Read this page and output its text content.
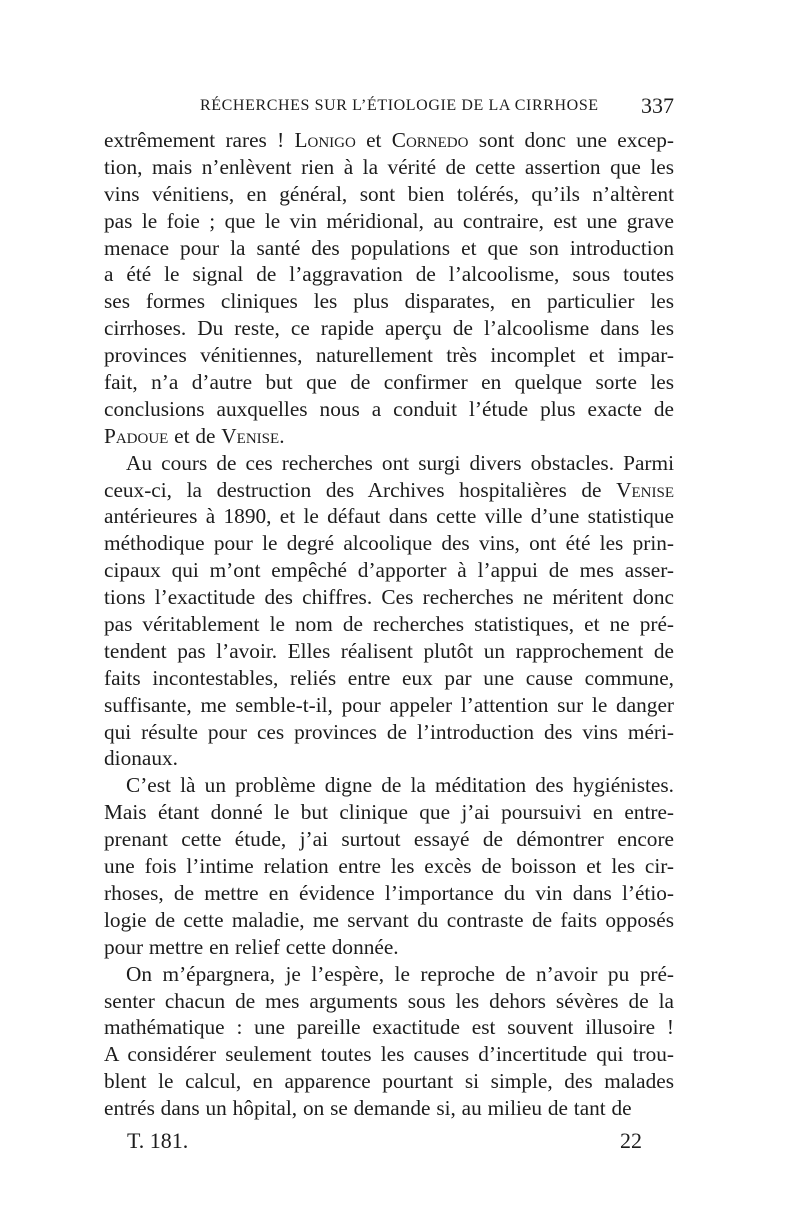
RÉCHERCHES SUR L’ÉTIOLOGIE DE LA CIRRHOSE 337

extrêmement rares ! Lonigo et Cornedo sont donc une excep-
tion, mais n’enlèvent rien à la vérité de cette assertion que les
vins vénitiens, en général, sont bien tolérés, qu’ils n’altèrent
pas le foie ; que le vin méridional, au contraire, est une grave
menace pour la santé des populations et que son introduction
a été le signal de l’aggravation de l’alcoolisme, sous toutes
ses formes cliniques les plus disparates, en particulier les
cirrhoses. Du reste, ce rapide aperçu de l’alcoolisme dans les
provinces vénitiennes, naturellement très incomplet et impar-
fait, n’a d’autre but que de confirmer en quelque sorte les
conclusions auxquelles nous a conduit l’étude plus exacte de
Padoue et de Venise.

Au cours de ces recherches ont surgi divers obstacles. Parmi
ceux-ci, la destruction des Archives hospitalières de Venise
antérieures à 1890, et le défaut dans cette ville d’une statistique
méthodique pour le degré alcoolique des vins, ont été les prin-
cipaux qui m’ont empêché d’apporter à l’appui de mes asser-
tions l’exactitude des chiffres. Ces recherches ne méritent donc
pas véritablement le nom de recherches statistiques, et ne pré-
tendent pas l’avoir. Elles réalisent plutôt un rapprochement de
faits incontestables, reliés entre eux par une cause commune,
suffisante, me semble-t-il, pour appeler l’attention sur le danger
qui résulte pour ces provinces de l’introduction des vins méri-
dionaux.

C’est là un problème digne de la méditation des hygiénistes.
Mais étant donné le but clinique que j’ai poursuivi en entre-
prenant cette étude, j’ai surtout essayé de démontrer encore
une fois l’intime relation entre les excès de boisson et les cir-
rhoses, de mettre en évidence l’importance du vin dans l’étio-
logie de cette maladie, me servant du contraste de faits opposés
pour mettre en relief cette donnée.

On m’épargnera, je l’espère, le reproche de n’avoir pu pré-
senter chacun de mes arguments sous les dehors sévères de la
mathématique : une pareille exactitude est souvent illusoire !
A considérer seulement toutes les causes d’incertitude qui trou-
blent le calcul, en apparence pourtant si simple, des malades
entrés dans un hôpital, on se demande si, au milieu de tant de

T. 181.	22
